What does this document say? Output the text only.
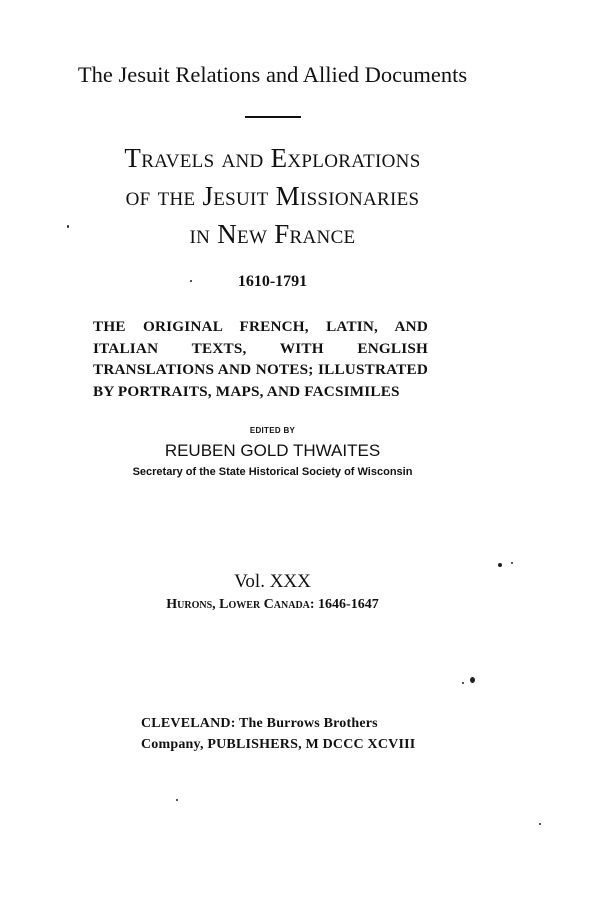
The Jesuit Relations and Allied Documents
Travels and Explorations
of the Jesuit Missionaries
in New France
1610-1791
THE ORIGINAL FRENCH, LATIN, AND ITALIAN TEXTS, WITH ENGLISH TRANSLATIONS AND NOTES; ILLUSTRATED BY PORTRAITS, MAPS, AND FACSIMILES
EDITED BY
REUBEN GOLD THWAITES
Secretary of the State Historical Society of Wisconsin
Vol. XXX
Hurons, Lower Canada: 1646-1647
CLEVELAND: The Burrows Brothers
Company, PUBLISHERS, M DCCC XCVIII
